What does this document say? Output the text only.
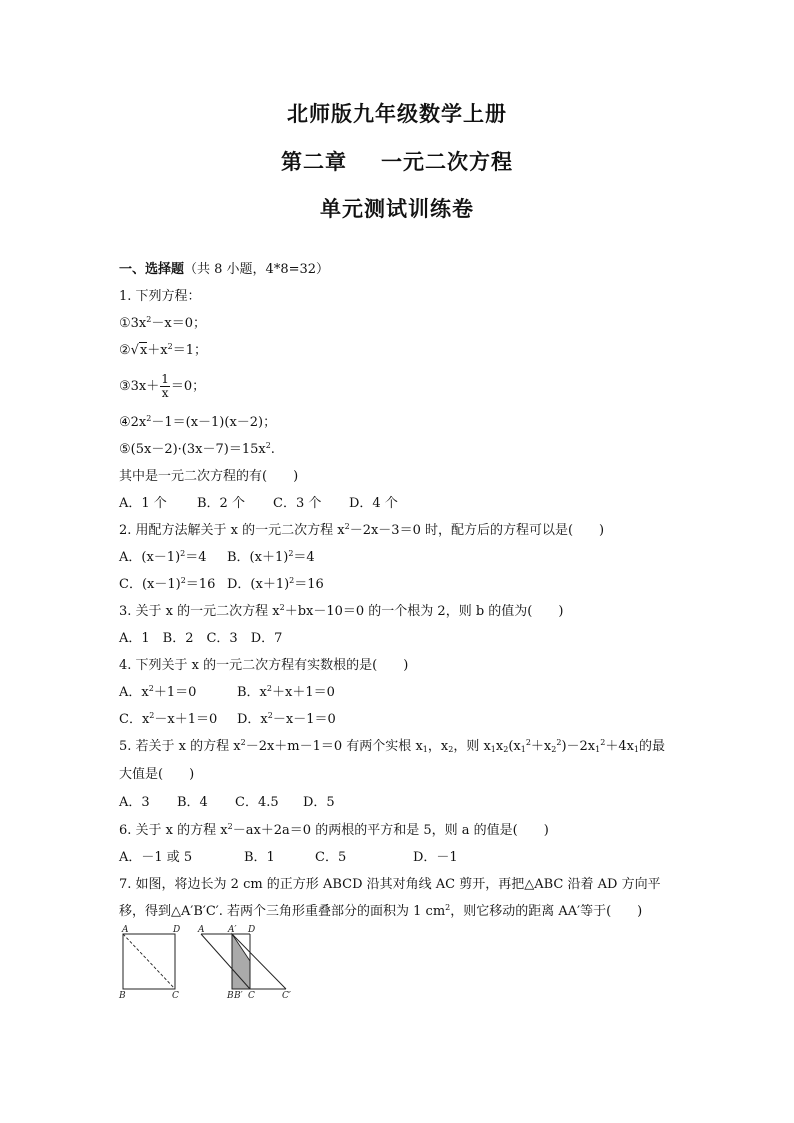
北师版九年级数学上册
第二章 一元二次方程
单元测试训练卷
一、选择题（共 8 小题，4*8=32）
1. 下列方程：
$①3x^2-x=0$；
$②√x+x^2=1$；
③3x＋ $\frac{1}{x} =0$；
$④2x^2-1=(x-1)(x-2)$；
$⑤(5x-2)\cdot(3x-7)=15x^2$.
其中是一元二次方程的有(　　)
A．1 个 B．2 个 C．3 个 D．4 个
2. 用配方法解关于 x 的一元二次方程 $x^2-2x-3=0$ 时，配方后的方程可以是(　　)
A．$(x-1)^2=4$ B．$(x+1)^2=4$
C．$(x-1)^2=16$ D．$(x+1)^2=16$
3. 关于 x 的一元二次方程 $x^2+bx-10=0$ 的一个根为 2，则 b 的值为(　　)
A．1　B．2　C．3　D．7
4. 下列关于 x 的一元二次方程有实数根的是(　　)
A．$x^2+1=0$	B．$x^2+x+1=0$
C．$x^2-x+1=0$ D．$x^2-x-1=0$
5. 若关于 x 的方程 $x^2-2x+m-1=0$ 有两个实根 $x_1$，$x_2$，则 $x_1x_2(x_1^2+x_2^2)-2x_1^2+4x_1$的最
大值是(　　)
A．3 B．4 C．4.5 D．5
6. 关于 x 的方程 $x^2-ax+2a=0$ 的两根的平方和是 5，则 a 的值是(　　)
A．－1 或 5	B．1	C．5	D．－1
7. 如图，将边长为 2 cm 的正方形 ABCD 沿其对角线 AC 剪开，再把△ABC 沿着 AD 方向平
移，得到△A′B′C′. 若两个三角形重叠部分的面积为 1 $cm^2$，则它移动的距离 AA′等于(　　)
A	D
B	C
A	A′ D
B B′ C	C′
